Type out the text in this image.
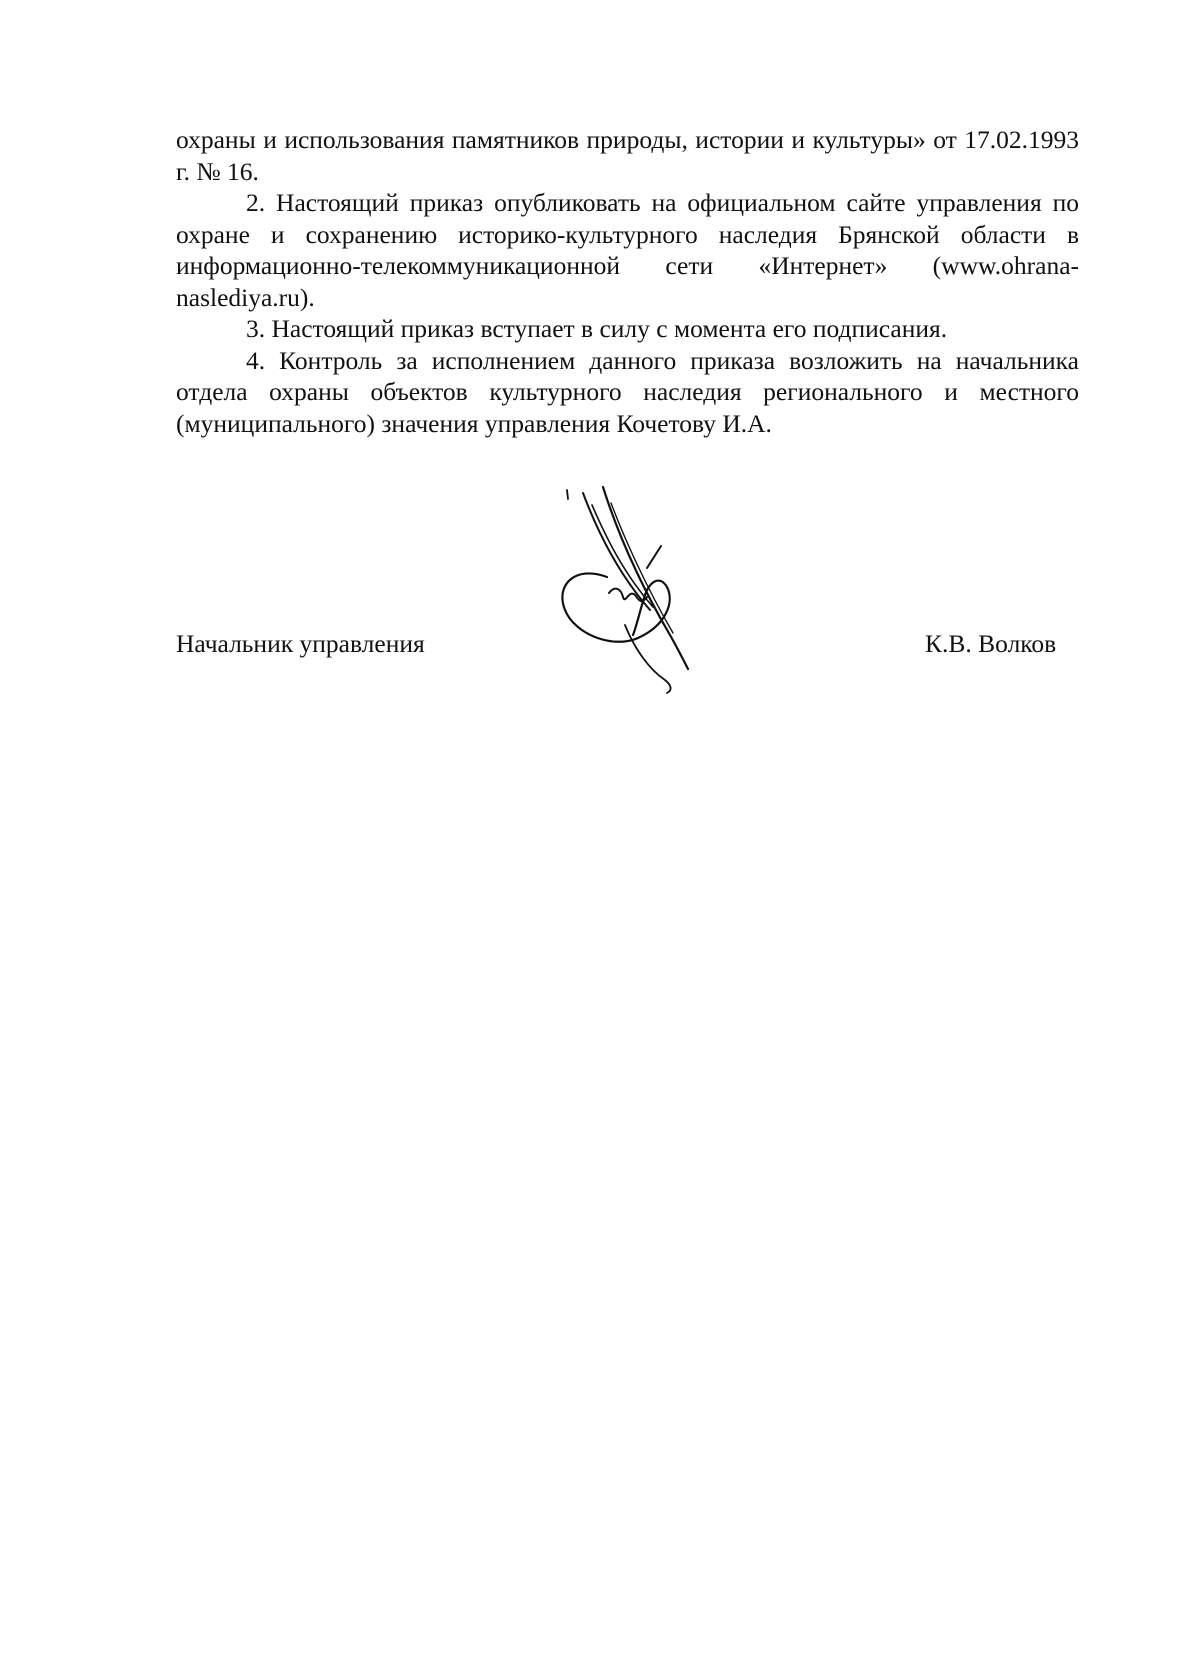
охраны и использования памятников природы, истории и культуры» от 17.02.1993 г. № 16.

2. Настоящий приказ опубликовать на официальном сайте управления по охране и сохранению историко-культурного наследия Брянской области в информационно-телекоммуникационной сети «Интернет» (www.ohrana-naslediya.ru).

3. Настоящий приказ вступает в силу с момента его подписания.

4. Контроль за исполнением данного приказа возложить на начальника отдела охраны объектов культурного наследия регионального и местного (муниципального) значения управления Кочетову И.А.

Начальник управления	К.В. Волков
